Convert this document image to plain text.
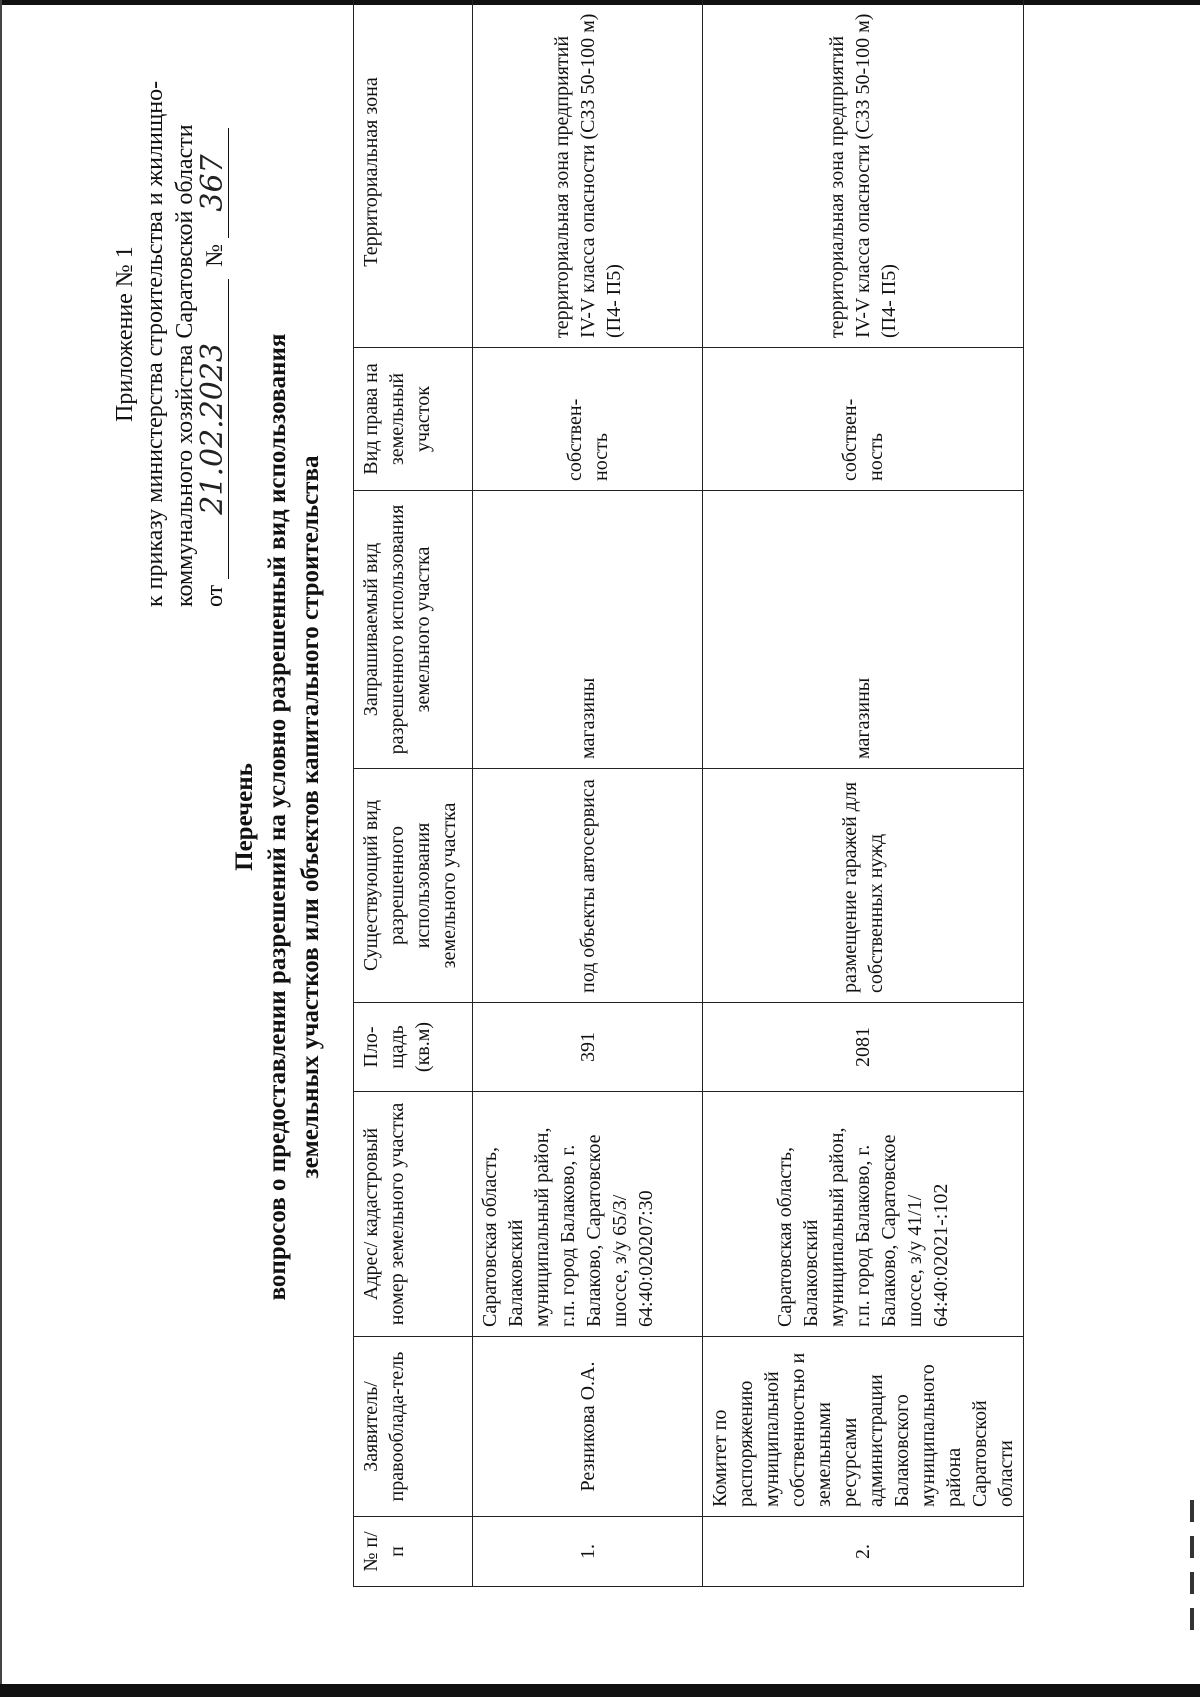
Приложение № 1 к приказу министерства строительства и жилищно- коммунального хозяйства Саратовской области от 21.02.2023 № 367
Перечень вопросов о предоставлении разрешений на условно разрешенный вид использования земельных участков или объектов капитального строительства
№ п/п	Заявитель/ правооблада-тель	Адрес/ кадастровый номер земельного участка	Пло-щадь (кв.м)	Существующий вид разрешенного использования земельного участка	Запрашиваемый вид разрешенного использования земельного участка	Вид права на земельный участок	Территориальная зона
1.	Резникова О.А.	Саратовская область, Балаковский муниципальный район, г.п. город Балаково, г. Балаково, Саратовское шоссе, з/у 65/3/ 64:40:020207:30	391	под объекты автосервиса	магазины	собствен-ность	территориальная зона предприятий IV-V класса опасности (СЗЗ 50-100 м) (П4- П5)
2.	Комитет по распоряжению муниципальной собственностью и земельными ресурсами администрации Балаковского муниципального района Саратовской области	Саратовская область, Балаковский муниципальный район, г.п. город Балаково, г. Балаково, Саратовское шоссе, з/у 41/1/ 64:40:02021-:102	2081	размещение гаражей для собственных нужд	магазины	собствен-ность	территориальная зона предприятий IV-V класса опасности (СЗЗ 50-100 м) (П4- П5)
